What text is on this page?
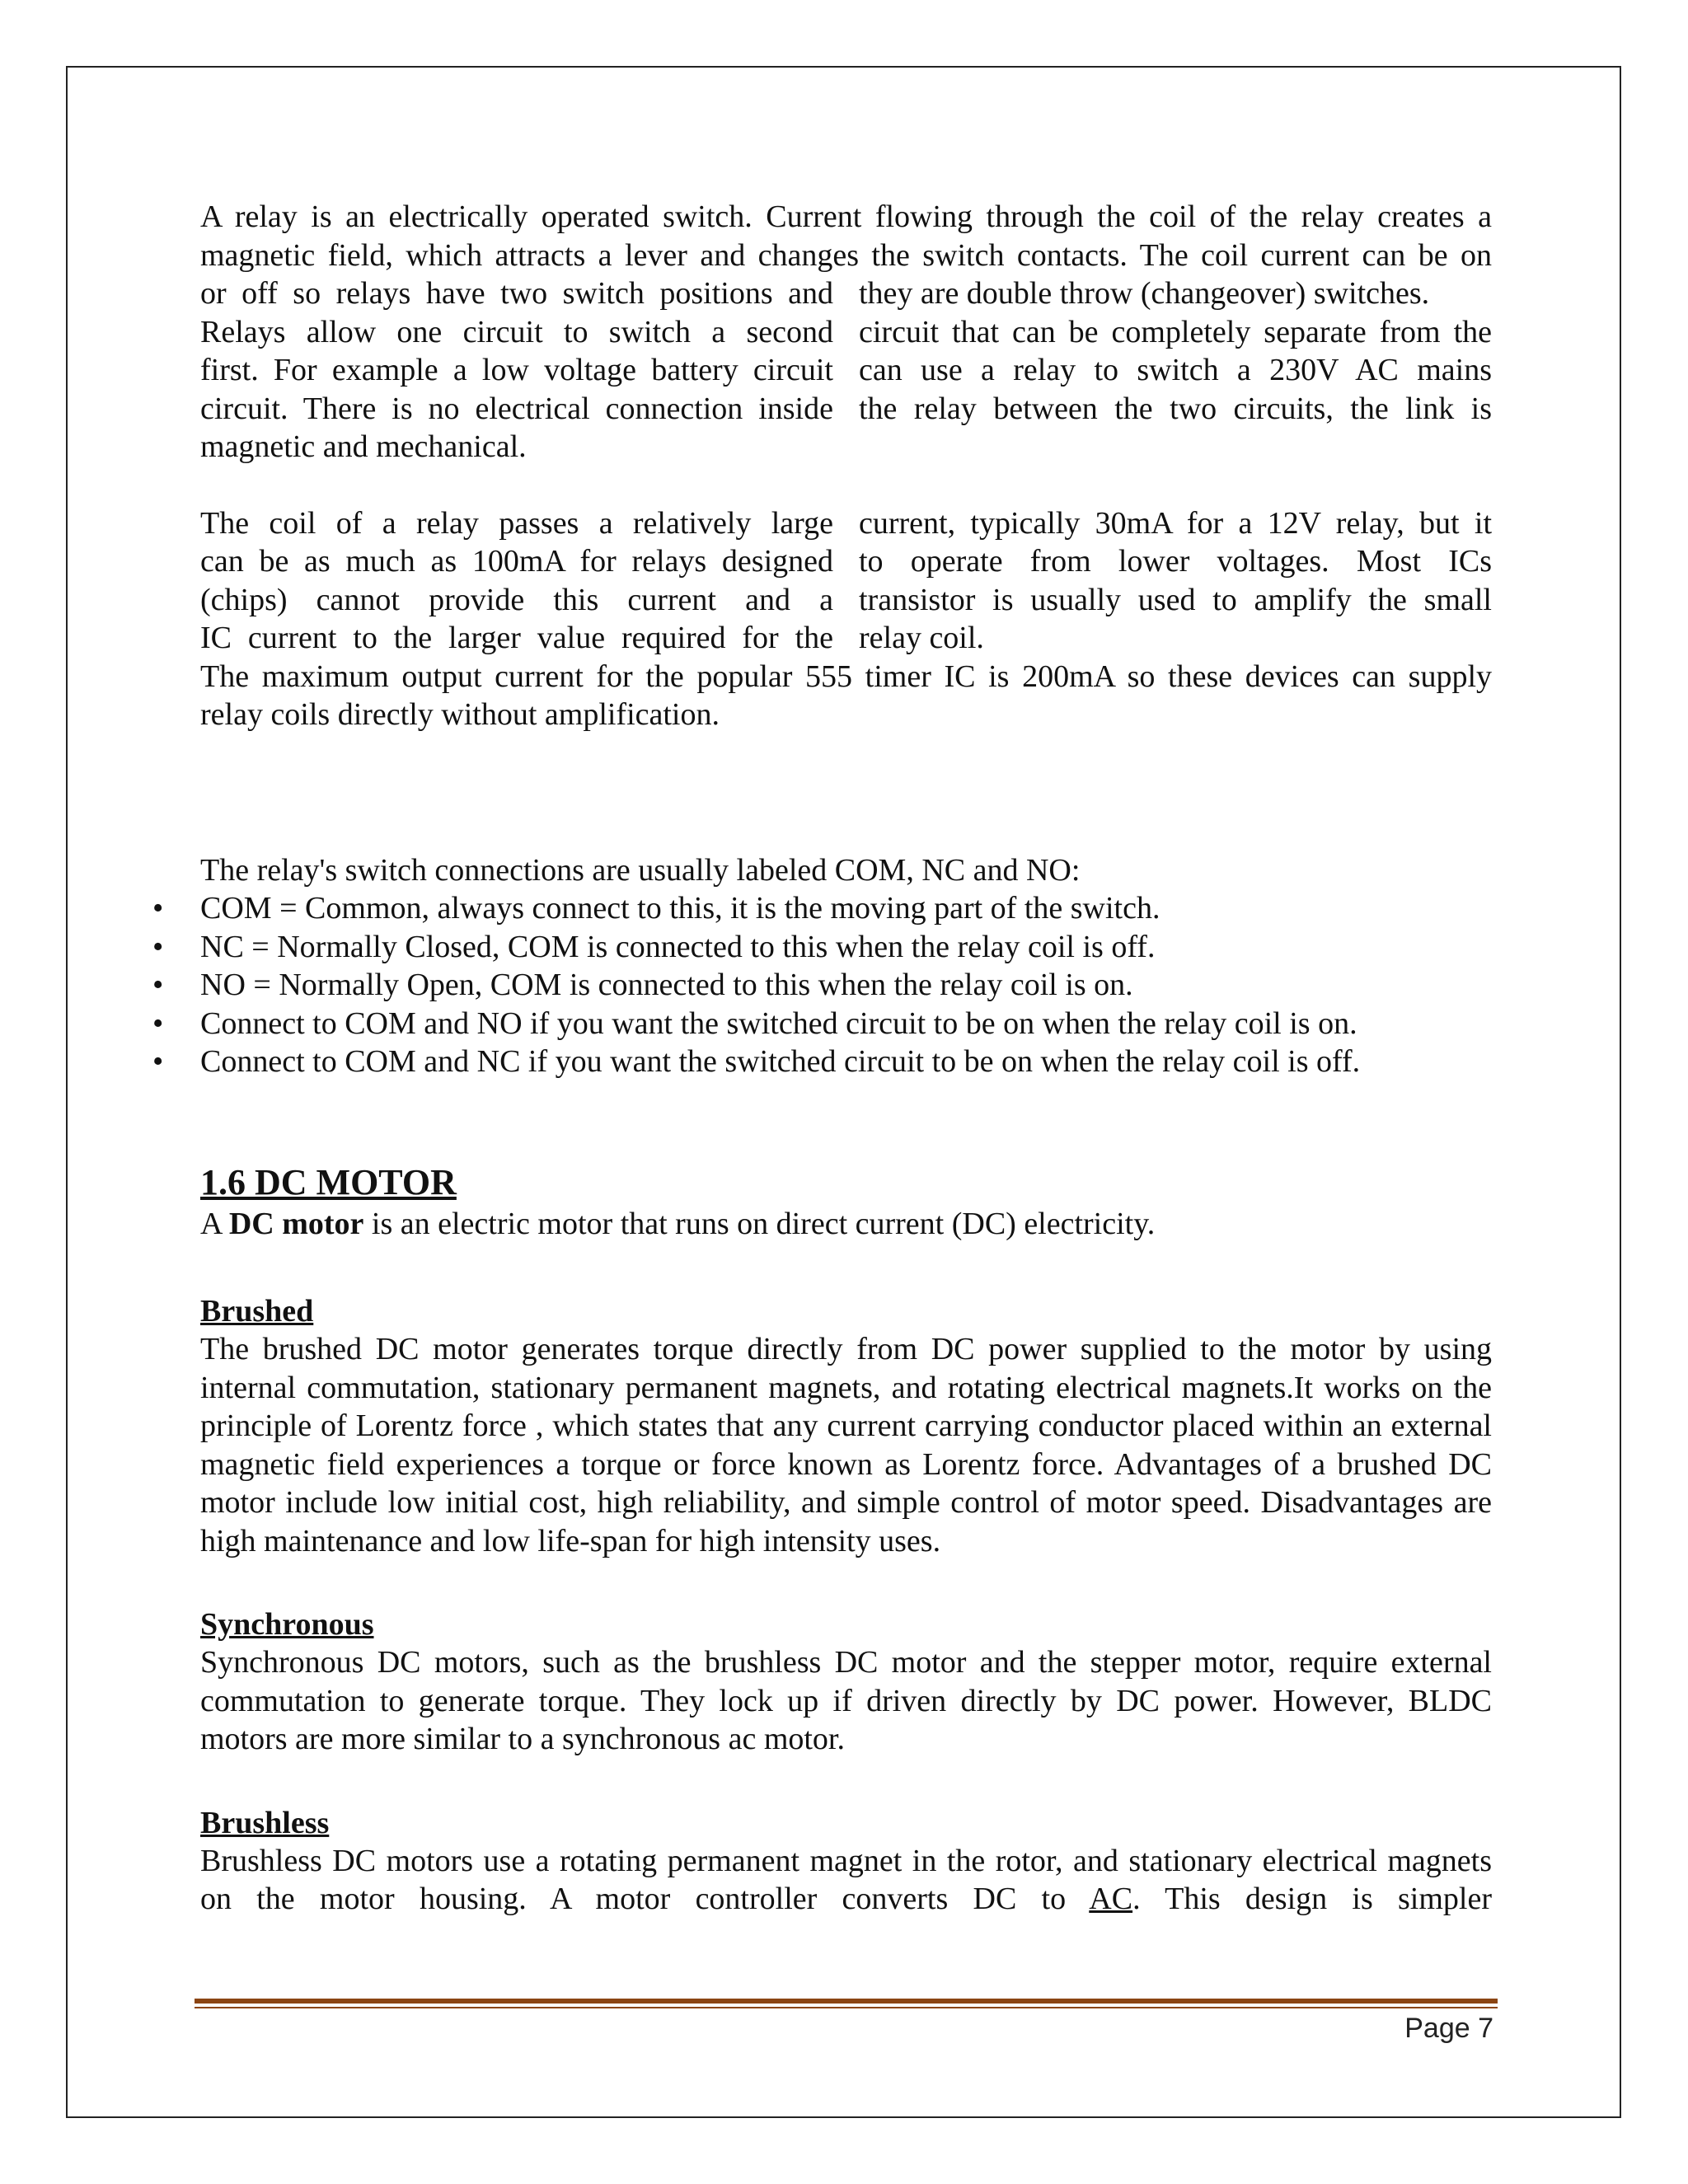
A relay is an electrically operated switch. Current flowing through the coil of the relay creates a

magnetic field, which attracts a lever and changes the switch contacts. The coil current can be on

or off so relays have two switch positions and

Relays allow one circuit to switch a second

first. For example a low voltage battery circuit

circuit. There is no electrical connection inside

magnetic and mechanical.

they are double throw (changeover) switches.

circuit that can be completely separate from the

can use a relay to switch a 230V AC mains

the relay between the two circuits, the link is

The coil of a relay passes a relatively large

can be as much as 100mA for relays designed

(chips) cannot provide this current and a

IC current to the larger value required for the

current, typically 30mA for a 12V relay, but it

to operate from lower voltages. Most ICs

transistor is usually used to amplify the small

relay coil.

The maximum output current for the popular 555 timer IC is 200mA so these devices can supply

relay coils directly without amplification.

The relay's switch connections are usually labeled COM, NC and NO:

• COM = Common, always connect to this, it is the moving part of the switch.
• NC = Normally Closed, COM is connected to this when the relay coil is off.
• NO = Normally Open, COM is connected to this when the relay coil is on.
• Connect to COM and NO if you want the switched circuit to be on when the relay coil is on.
• Connect to COM and NC if you want the switched circuit to be on when the relay coil is off.
1.6 DC MOTOR

A DC motor is an electric motor that runs on direct current (DC) electricity.

Brushed

The brushed DC motor generates torque directly from DC power supplied to the motor by using internal commutation, stationary permanent magnets, and rotating electrical magnets.It works on the principle of Lorentz force , which states that any current carrying conductor placed within an external magnetic field experiences a torque or force known as Lorentz force. Advantages of a brushed DC motor include low initial cost, high reliability, and simple control of motor speed. Disadvantages are high maintenance and low life-span for high intensity uses.

Synchronous

Synchronous DC motors, such as the brushless DC motor and the stepper motor, require external commutation to generate torque. They lock up if driven directly by DC power. However, BLDC motors are more similar to a synchronous ac motor.

Brushless

Brushless DC motors use a rotating permanent magnet in the rotor, and stationary electrical magnets on the motor housing. A motor controller converts DC to AC. This design is simpler

Page 7
